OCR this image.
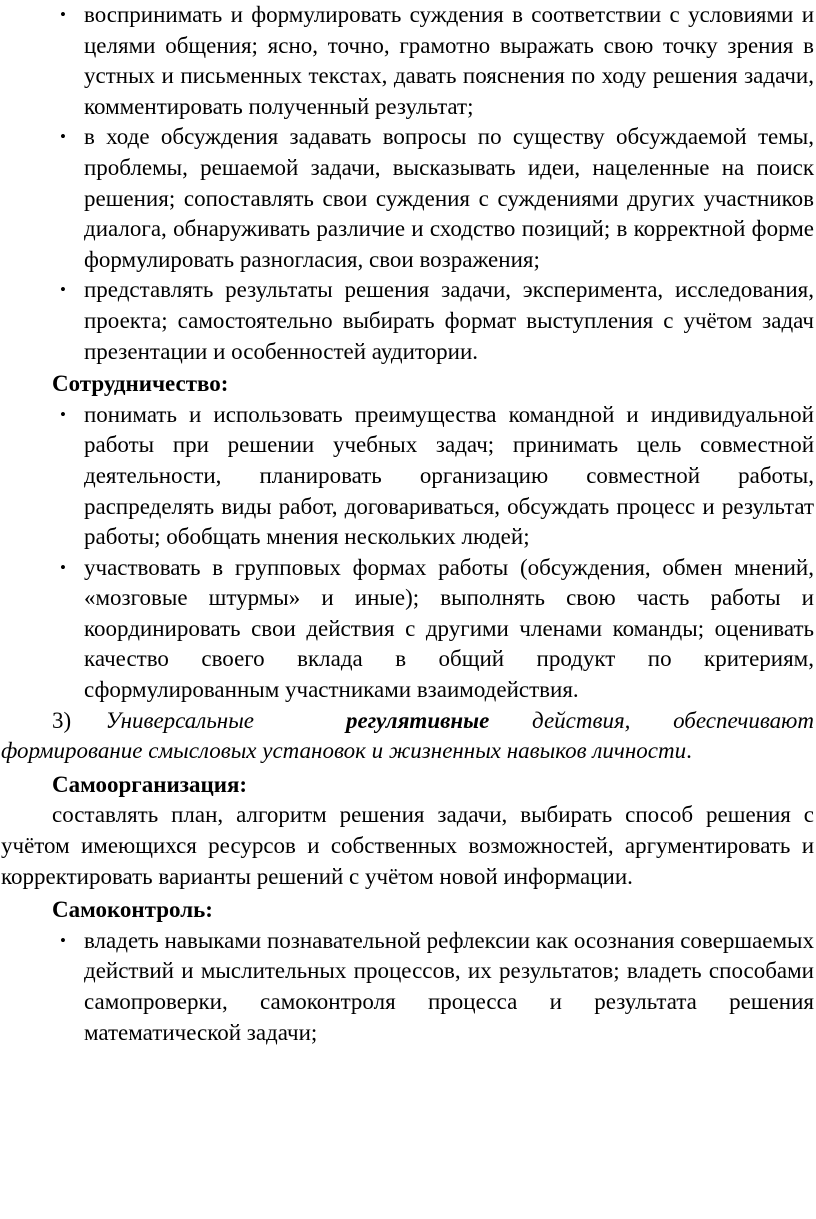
• воспринимать и формулировать суждения в соответствии с условиями и целями общения; ясно, точно, грамотно выражать свою точку зрения в устных и письменных текстах, давать пояснения по ходу решения задачи, комментировать полученный результат;
• в ходе обсуждения задавать вопросы по существу обсуждаемой темы, проблемы, решаемой задачи, высказывать идеи, нацеленные на поиск решения; сопоставлять свои суждения с суждениями других участников диалога, обнаруживать различие и сходство позиций; в корректной форме формулировать разногласия, свои возражения;
• представлять результаты решения задачи, эксперимента, исследования, проекта; самостоятельно выбирать формат выступления с учётом задач презентации и особенностей аудитории.

Сотрудничество:

• понимать и использовать преимущества командной и индивидуальной работы при решении учебных задач; принимать цель совместной деятельности, планировать организацию совместной работы, распределять виды работ, договариваться, обсуждать процесс и результат работы; обобщать мнения нескольких людей;
• участвовать в групповых формах работы (обсуждения, обмен мнений, «мозговые штурмы» и иные); выполнять свою часть работы и координировать свои действия с другими членами команды; оценивать качество своего вклада в общий продукт по критериям, сформулированным участниками взаимодействия.

3)   Универсальные    	регулятивные действия, обеспечивают формирование смысловых установок и жизненных навыков личности.

Самоорганизация:

составлять план, алгоритм решения задачи, выбирать способ решения с учётом имеющихся ресурсов и собственных возможностей, аргументировать и корректировать варианты решений с учётом новой информации.

Самоконтроль:

• владеть навыками познавательной рефлексии как осознания совершаемых действий и мыслительных процессов, их результатов; владеть способами самопроверки, самоконтроля процесса и результата решения математической задачи;
